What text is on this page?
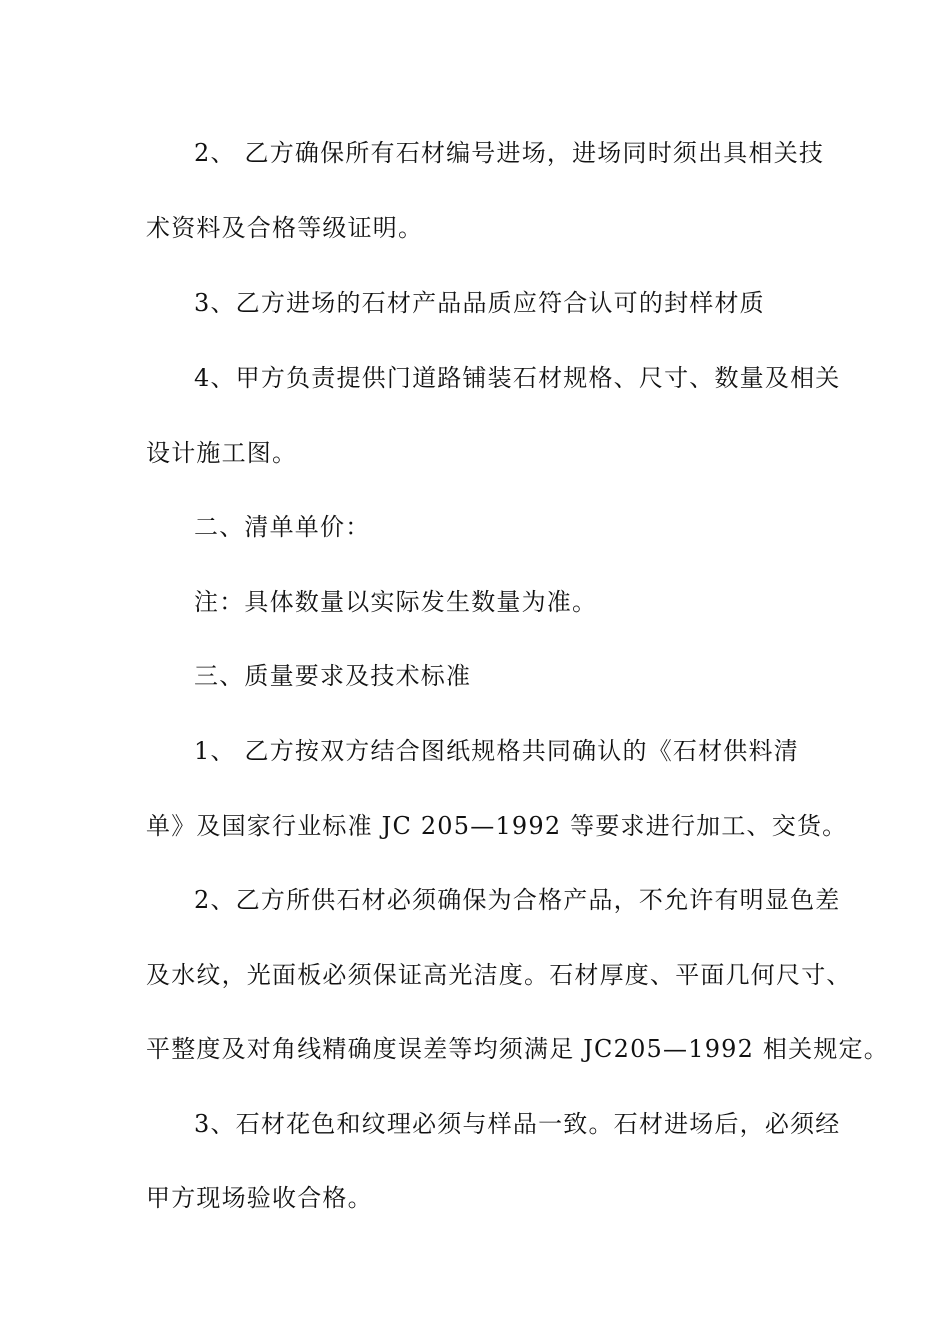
2、 乙方确保所有石材编号进场，进场同时须出具相关技
术资料及合格等级证明。
3、乙方进场的石材产品品质应符合认可的封样材质
4、甲方负责提供门道路铺装石材规格、尺寸、数量及相关
设计施工图。
二、清单单价：
注：具体数量以实际发生数量为准。
三、质量要求及技术标准
1、 乙方按双方结合图纸规格共同确认的《石材供料清
单》及国家行业标准 JC 205—1992 等要求进行加工、交货。
2、乙方所供石材必须确保为合格产品，不允许有明显色差
及水纹，光面板必须保证高光洁度。石材厚度、平面几何尺寸、
平整度及对角线精确度误差等均须满足 JC205—1992 相关规定。
3、石材花色和纹理必须与样品一致。石材进场后，必须经
甲方现场验收合格。
